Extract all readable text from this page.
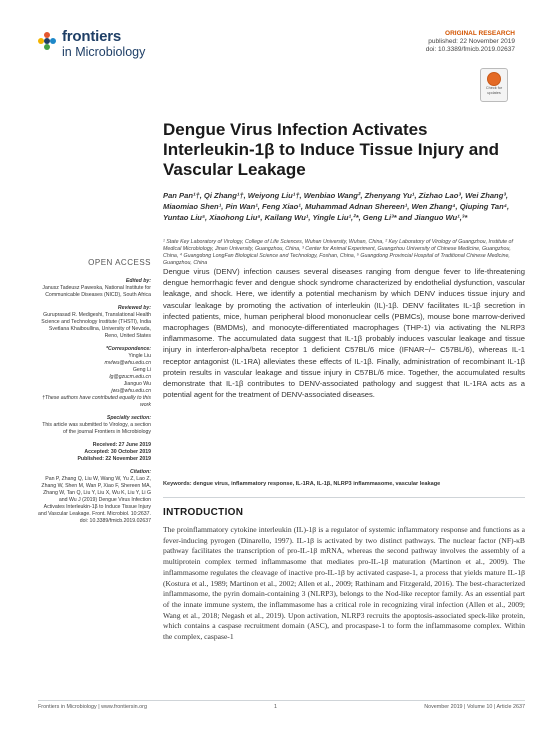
frontiers
in Microbiology
ORIGINAL RESEARCH
published: 22 November 2019
doi: 10.3389/fmicb.2019.02637
Check for
updates
Dengue Virus Infection Activates Interleukin-1β to Induce Tissue Injury and Vascular Leakage
Pan Pan¹†, Qi Zhang¹†, Weiyong Liu¹†, Wenbiao Wang², Zhenyang Yu¹, Zizhao Lao³, Wei Zhang³, Miaomiao Shen¹, Pin Wan¹, Feng Xiao¹, Muhammad Adnan Shereen¹, Wen Zhang⁴, Qiuping Tan⁴, Yuntao Liu⁵, Xiaohong Liu⁵, Kailang Wu¹, Yingle Liu¹,²*, Geng Li³* and Jianguo Wu¹,³*
¹ State Key Laboratory of Virology, College of Life Sciences, Wuhan University, Wuhan, China, ² Key Laboratory of Virology of Guangzhou, Institute of Medical Microbiology, Jinan University, Guangzhou, China, ³ Center for Animal Experiment, Guangzhou University of Chinese Medicine, Guangzhou, China, ⁴ Guangdong LongFan Biological Science and Technology, Foshan, China, ⁵ Guangdong Provincial Hospital of Traditional Chinese Medicine, Guangzhou, China
OPEN ACCESS
Edited by:
Janusz Tadeusz Paweska, National Institute for Communicable Diseases (NICD), South Africa
Reviewed by:
Guruprasad R. Medigeshi, Translational Health Science and Technology Institute (THSTI), India
Svetlana Khaiboullina, University of Nevada, Reno, United States
*Correspondence:
Yingle Liu
mvlwu@whu.edu.cn
Geng Li
lg@gzucm.edu.cn
Jianguo Wu
jwu@whu.edu.cn
†These authors have contributed equally to this work
Specialty section:
This article was submitted to Virology, a section of the journal Frontiers in Microbiology
Received: 27 June 2019
Accepted: 30 October 2019
Published: 22 November 2019
Citation:
Pan P, Zhang Q, Liu W, Wang W, Yu Z, Lao Z, Zhang W, Shen M, Wan P, Xiao F, Shereen MA, Zhang W, Tan Q, Liu Y, Liu X, Wu K, Liu Y, Li G and Wu J (2019) Dengue Virus Infection Activates Interleukin-1β to Induce Tissue Injury and Vascular Leakage. Front. Microbiol. 10:2637. doi: 10.3389/fmicb.2019.02637
Dengue virus (DENV) infection causes several diseases ranging from dengue fever to life-threatening dengue hemorrhagic fever and dengue shock syndrome characterized by endothelial dysfunction, vascular leakage, and shock. Here, we identify a potential mechanism by which DENV induces tissue injury and vascular leakage by promoting the activation of interleukin (IL)-1β. DENV facilitates IL-1β secretion in infected patients, mice, human peripheral blood mononuclear cells (PBMCs), mouse bone marrow-derived macrophages (BMDMs), and monocyte-differentiated macrophages (THP-1) via activating the NLRP3 inflammasome. The accumulated data suggest that IL-1β probably induces vascular leakage and tissue injury in interferon-alpha/beta receptor 1 deficient C57BL/6 mice (IFNAR−/− C57BL/6), whereas IL-1 receptor antagonist (IL-1RA) alleviates these effects of IL-1β. Finally, administration of recombinant IL-1β protein results in vascular leakage and tissue injury in C57BL/6 mice. Together, the accumulated results demonstrate that IL-1β contributes to DENV-associated pathology and suggest that IL-1RA acts as a potential agent for the treatment of DENV-associated diseases.
Keywords: dengue virus, inflammatory response, IL-1RA, IL-1β, NLRP3 inflammasome, vascular leakage
INTRODUCTION
The proinflammatory cytokine interleukin (IL)-1β is a regulator of systemic inflammatory response and functions as a fever-inducing pyrogen (Dinarello, 1997). IL-1β is activated by two distinct pathways. The nuclear factor (NF)-κB pathway facilitates the transcription of pro-IL-1β mRNA, whereas the second pathway involves the assembly of a multiprotein complex termed inflammasome that mediates pro-IL-1β maturation (Martinon et al., 2009). The inflammasome regulates the cleavage of inactive pro-IL-1β by activated caspase-1, a process that yields mature IL-1β (Kostura et al., 1989; Martinon et al., 2002; Allen et al., 2009; Rathinam and Fitzgerald, 2016). The best-characterized inflammasome, the pyrin domain-containing 3 (NLRP3), belongs to the Nod-like receptor family. As an essential part of the innate immune system, the inflammasome has a critical role in recognizing viral infection (Allen et al., 2009; Wang et al., 2018; Negash et al., 2019). Upon activation, NLRP3 recruits the apoptosis-associated speck-like protein, which contains a caspase recruitment domain (ASC), and procaspase-1 to form the inflammasome complex. Within the complex, caspase-1
Frontiers in Microbiology | www.frontiersin.org	1	November 2019 | Volume 10 | Article 2637
